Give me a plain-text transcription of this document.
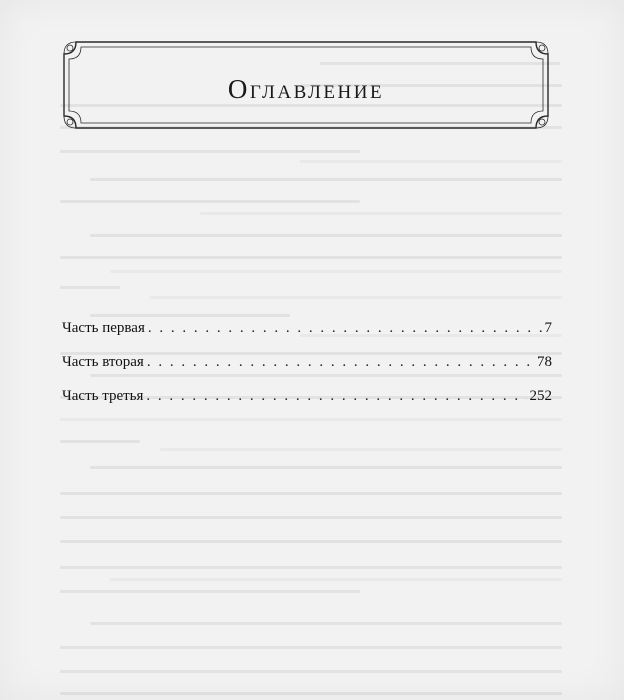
Оглавление
Часть первая . . .	7
Часть вторая . . .	78
Часть третья . . .	252
